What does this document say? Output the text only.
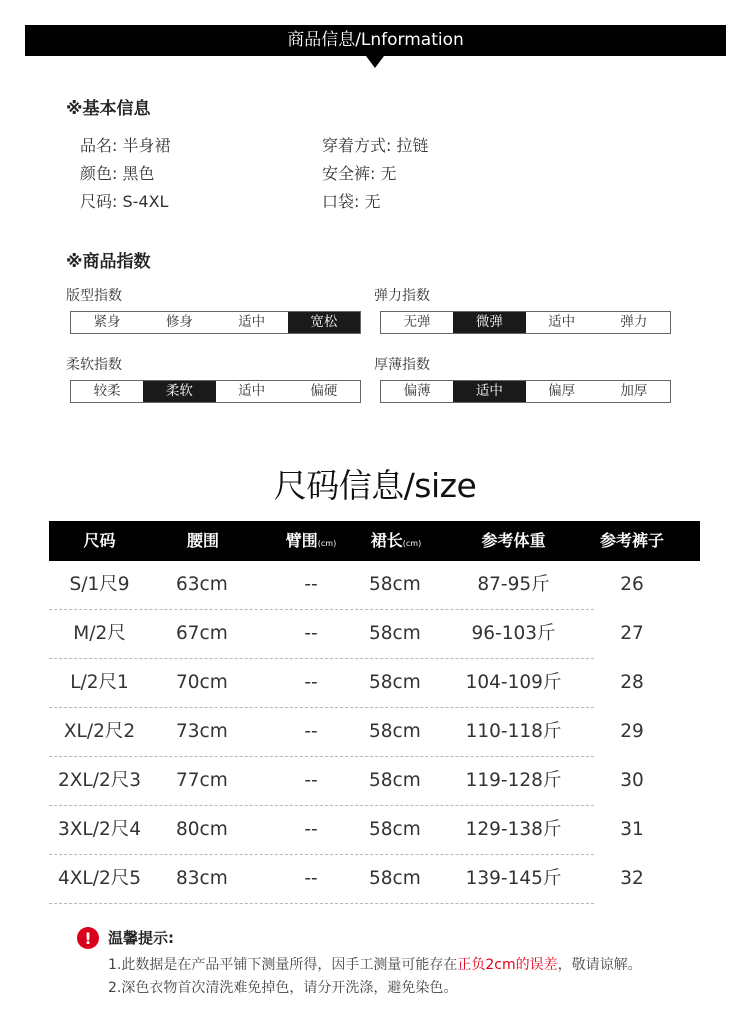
商品信息/Lnformation
※基本信息
品名: 半身裙
颜色: 黑色
尺码: S-4XL
穿着方式: 拉链
安全裤: 无
口袋: 无
※商品指数
版型指数
紧身	修身	适中	宽松
弹力指数
无弹	微弹	适中	弹力
柔软指数
较柔	柔软	适中	偏硬
厚薄指数
偏薄	适中	偏厚	加厚
尺码信息/size
尺码	腰围	臂围(cm)	裙长(cm)	参考体重	参考裤子
S/1尺9	63cm	--	58cm	87-95斤	26
M/2尺	67cm	--	58cm	96-103斤	27
L/2尺1	70cm	--	58cm	104-109斤	28
XL/2尺2	73cm	--	58cm	110-118斤	29
2XL/2尺3	77cm	--	58cm	119-128斤	30
3XL/2尺4	80cm	--	58cm	129-138斤	31
4XL/2尺5	83cm	--	58cm	139-145斤	32
! 温馨提示:
1.此数据是在产品平铺下测量所得，因手工测量可能存在正负2cm的误差，敬请谅解。
2.深色衣物首次清洗难免掉色，请分开洗涤，避免染色。
